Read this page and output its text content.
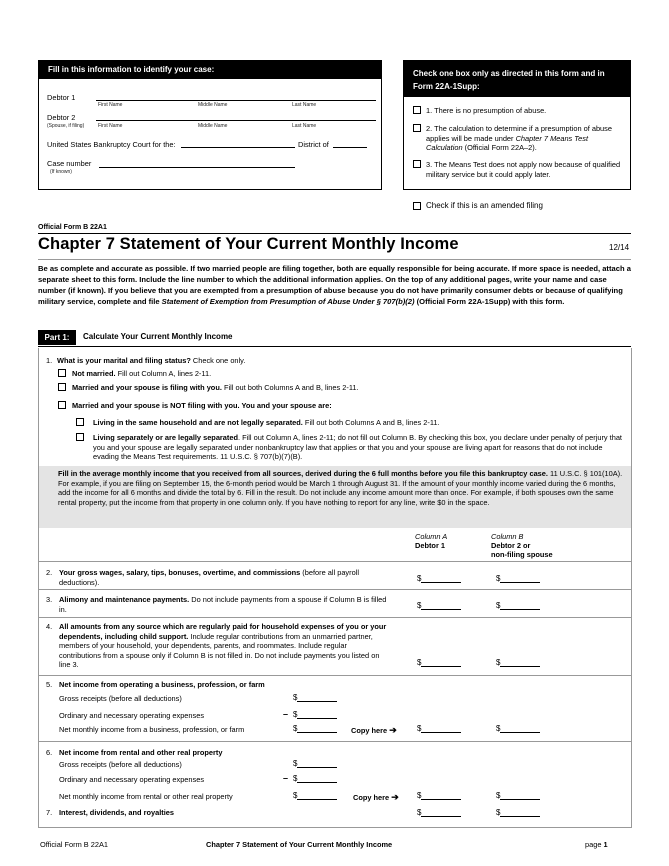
Fill in this information to identify your case:
Debtor 1
First Name	Middle Name	Last Name
Debtor 2
(Spouse, if filing)	First Name	Middle Name	Last Name
United States Bankruptcy Court for the:	District of
Case number
(If known)
Check one box only as directed in this form and in Form 22A-1Supp:
1. There is no presumption of abuse.
2. The calculation to determine if a presumption of abuse applies will be made under Chapter 7 Means Test Calculation (Official Form 22A–2).
3. The Means Test does not apply now because of qualified military service but it could apply later.
Check if this is an amended filing
Official Form B 22A1
Chapter 7 Statement of Your Current Monthly Income	12/14
Be as complete and accurate as possible. If two married people are filing together, both are equally responsible for being accurate. If more space is needed, attach a separate sheet to this form. Include the line number to which the additional information applies. On the top of any additional pages, write your name and case number (if known). If you believe that you are exempted from a presumption of abuse because you do not have primarily consumer debts or because of qualifying military service, complete and file Statement of Exemption from Presumption of Abuse Under § 707(b)(2) (Official Form 22A-1Supp) with this form.
Part 1:	Calculate Your Current Monthly Income
1. What is your marital and filing status? Check one only.
Not married. Fill out Column A, lines 2-11.
Married and your spouse is filing with you. Fill out both Columns A and B, lines 2-11.
Married and your spouse is NOT filing with you. You and your spouse are:
Living in the same household and are not legally separated. Fill out both Columns A and B, lines 2-11.
Living separately or are legally separated. Fill out Column A, lines 2-11; do not fill out Column B. By checking this box, you declare under penalty of perjury that you and your spouse are legally separated under nonbankruptcy law that applies or that you and your spouse are living apart for reasons that do not include evading the Means Test requirements. 11 U.S.C. § 707(b)(7)(B).
Fill in the average monthly income that you received from all sources, derived during the 6 full months before you file this bankruptcy case. 11 U.S.C. § 101(10A). For example, if you are filing on September 15, the 6-month period would be March 1 through August 31. If the amount of your monthly income varied during the 6 months, add the income for all 6 months and divide the total by 6. Fill in the result. Do not include any income amount more than once. For example, if both spouses own the same rental property, put the income from that property in one column only. If you have nothing to report for any line, write $0 in the space.
Column A
Debtor 1
Column B
Debtor 2 or
non-filing spouse
2. Your gross wages, salary, tips, bonuses, overtime, and commissions (before all payroll deductions).	$	$
3. Alimony and maintenance payments. Do not include payments from a spouse if Column B is filled in.	$	$
4. All amounts from any source which are regularly paid for household expenses of you or your dependents, including child support. Include regular contributions from an unmarried partner, members of your household, your dependents, parents, and roommates. Include regular contributions from a spouse only if Column B is not filled in. Do not include payments you listed on line 3.	$	$
5. Net income from operating a business, profession, or farm
Gross receipts (before all deductions)	$
Ordinary and necessary operating expenses	– $
Net monthly income from a business, profession, or farm	$	Copy here ➔	$	$
6. Net income from rental and other real property
Gross receipts (before all deductions)	$
Ordinary and necessary operating expenses	– $
Net monthly income from rental or other real property	$	Copy here ➔ $	$
7. Interest, dividends, and royalties	$	$
Official Form B 22A1	Chapter 7 Statement of Your Current Monthly Income	page 1
